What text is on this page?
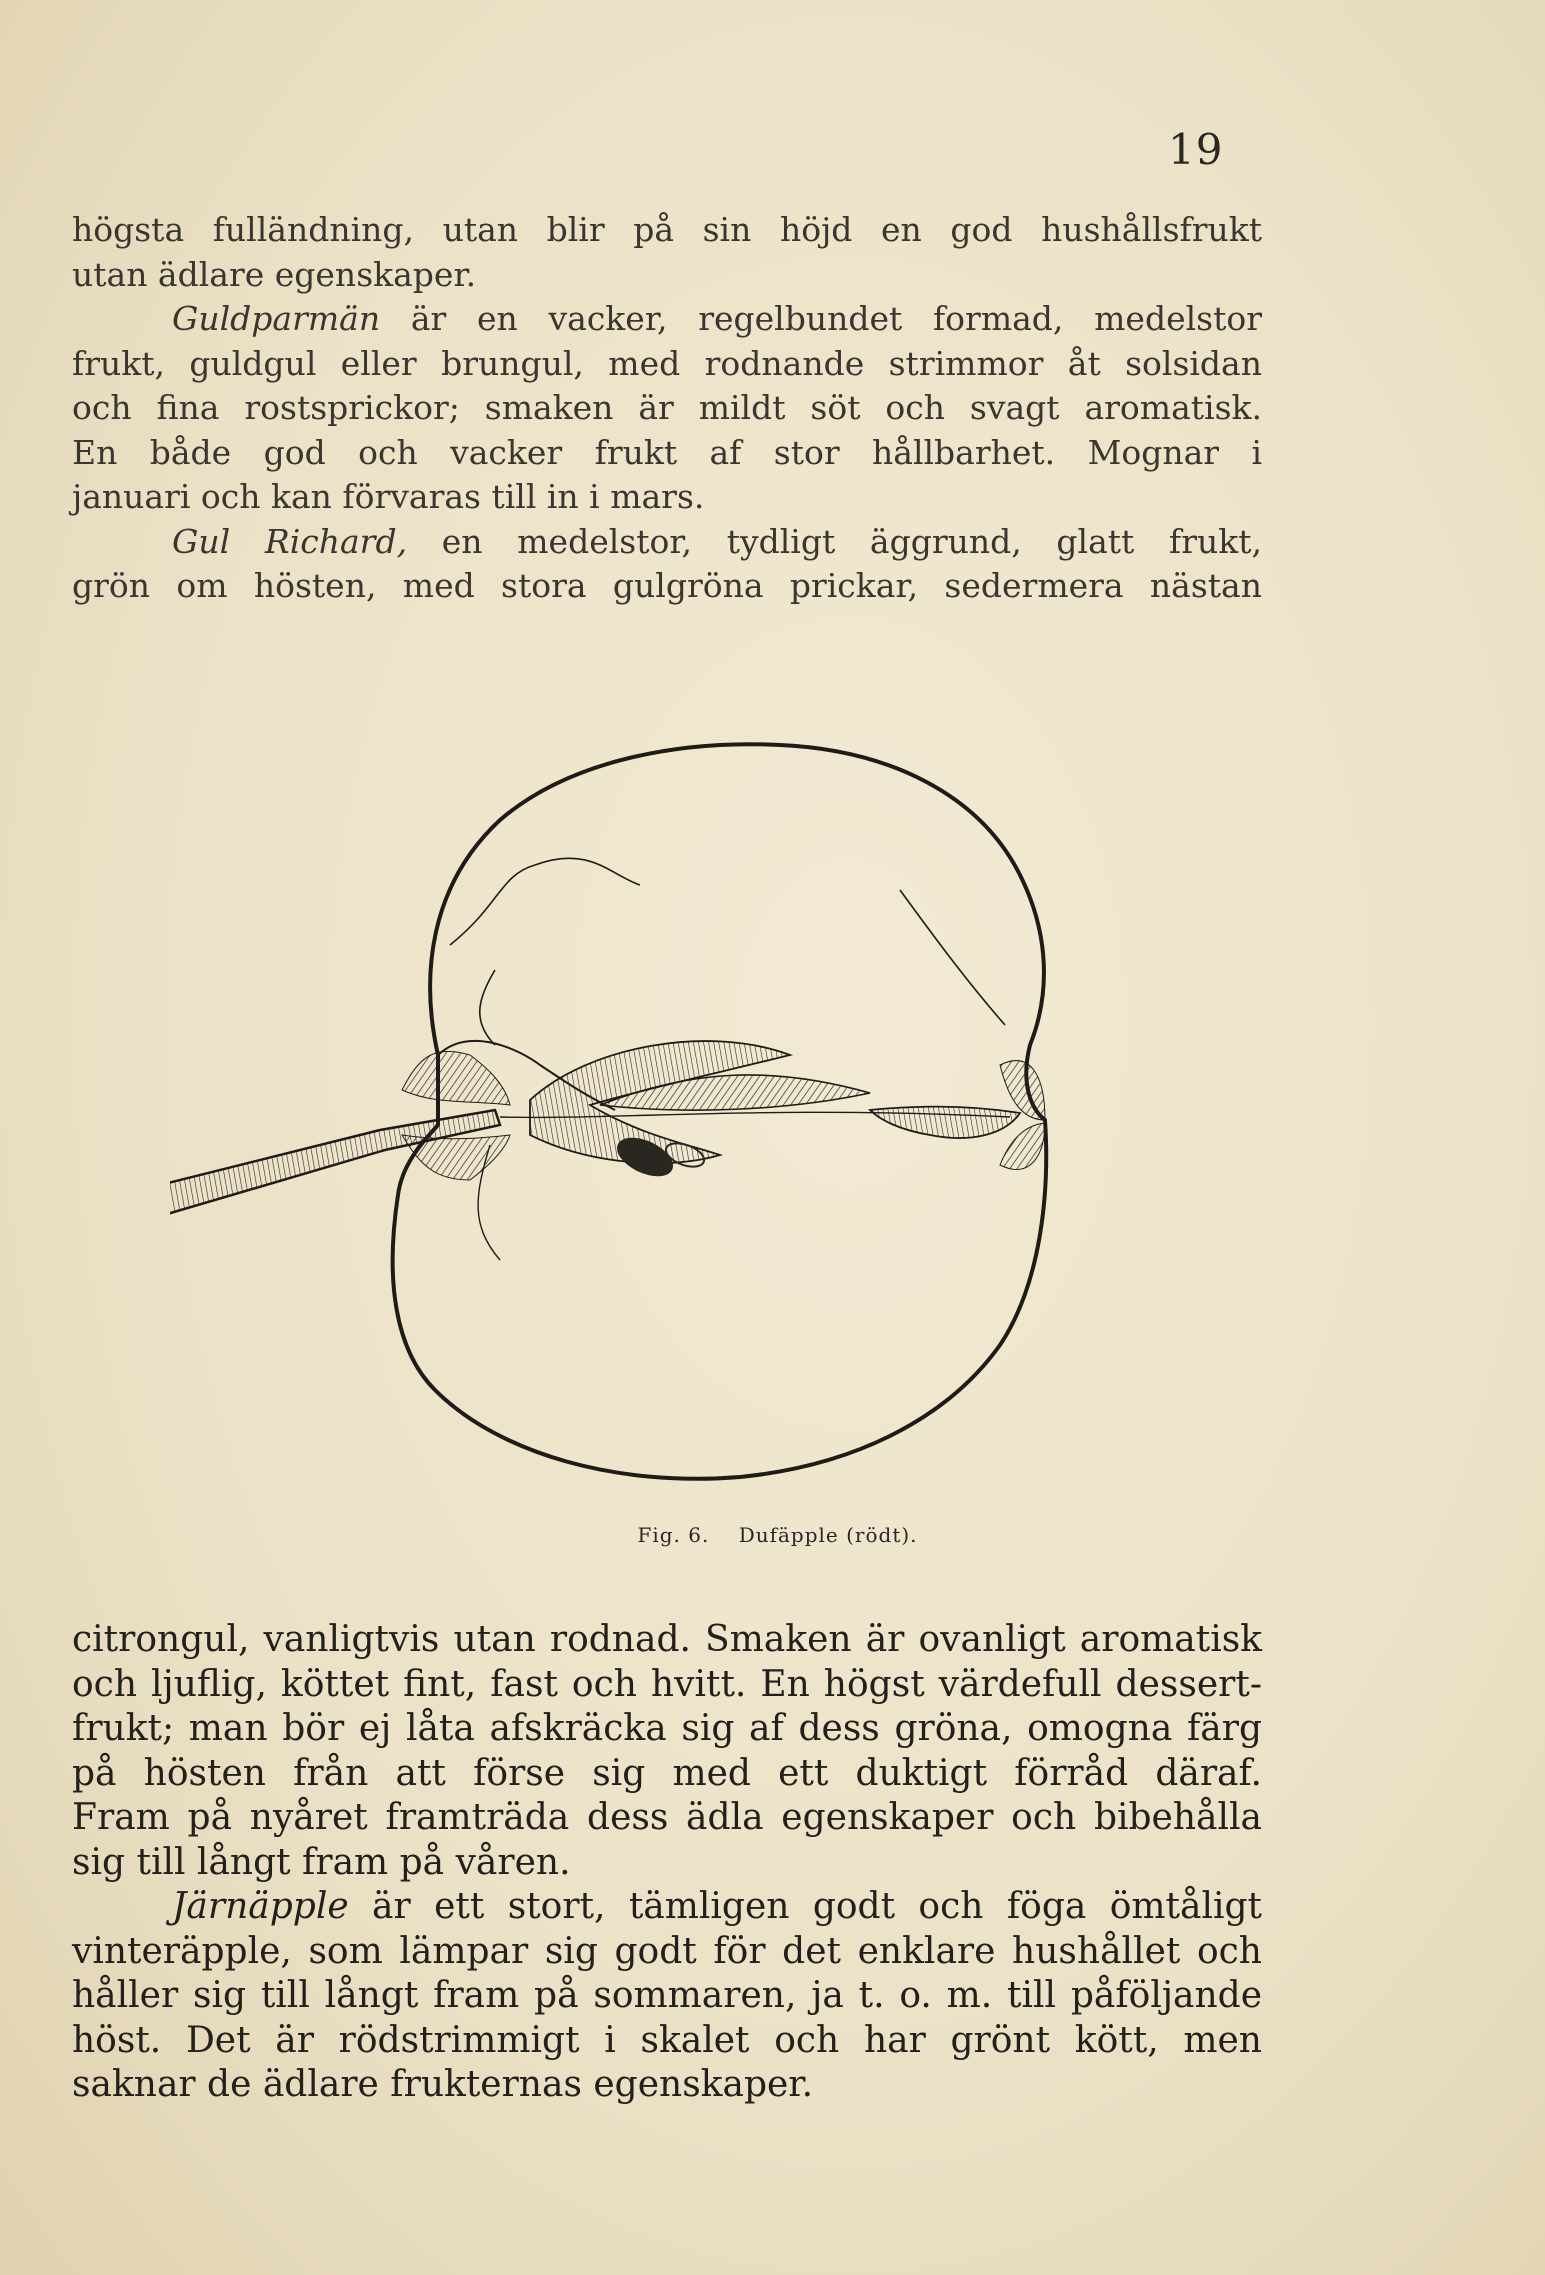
19
högsta fulländning, utan blir på sin höjd en god hushållsfrukt
utan ädlare egenskaper.
Guldparmän är en vacker, regelbundet formad, medelstor
frukt, guldgul eller brungul, med rodnande strimmor åt solsidan
och fina rostsprickor; smaken är mildt söt och svagt aromatisk.
En både god och vacker frukt af stor hållbarhet. Mognar i
januari och kan förvaras till in i mars.
Gul Richard, en medelstor, tydligt äggrund, glatt frukt,
grön om hösten, med stora gulgröna prickar, sedermera nästan
Fig. 6. Dufäpple (rödt).
citrongul, vanligtvis utan rodnad. Smaken är ovanligt aromatisk
och ljuflig, köttet fint, fast och hvitt. En högst värdefull dessert-
frukt; man bör ej låta afskräcka sig af dess gröna, omogna färg
på hösten från att förse sig med ett duktigt förråd däraf.
Fram på nyåret framträda dess ädla egenskaper och bibehålla
sig till långt fram på våren.
Järnäpple är ett stort, tämligen godt och föga ömtåligt
vinteräpple, som lämpar sig godt för det enklare hushållet och
håller sig till långt fram på sommaren, ja t. o. m. till påföljande
höst. Det är rödstrimmigt i skalet och har grönt kött, men
saknar de ädlare frukternas egenskaper.
